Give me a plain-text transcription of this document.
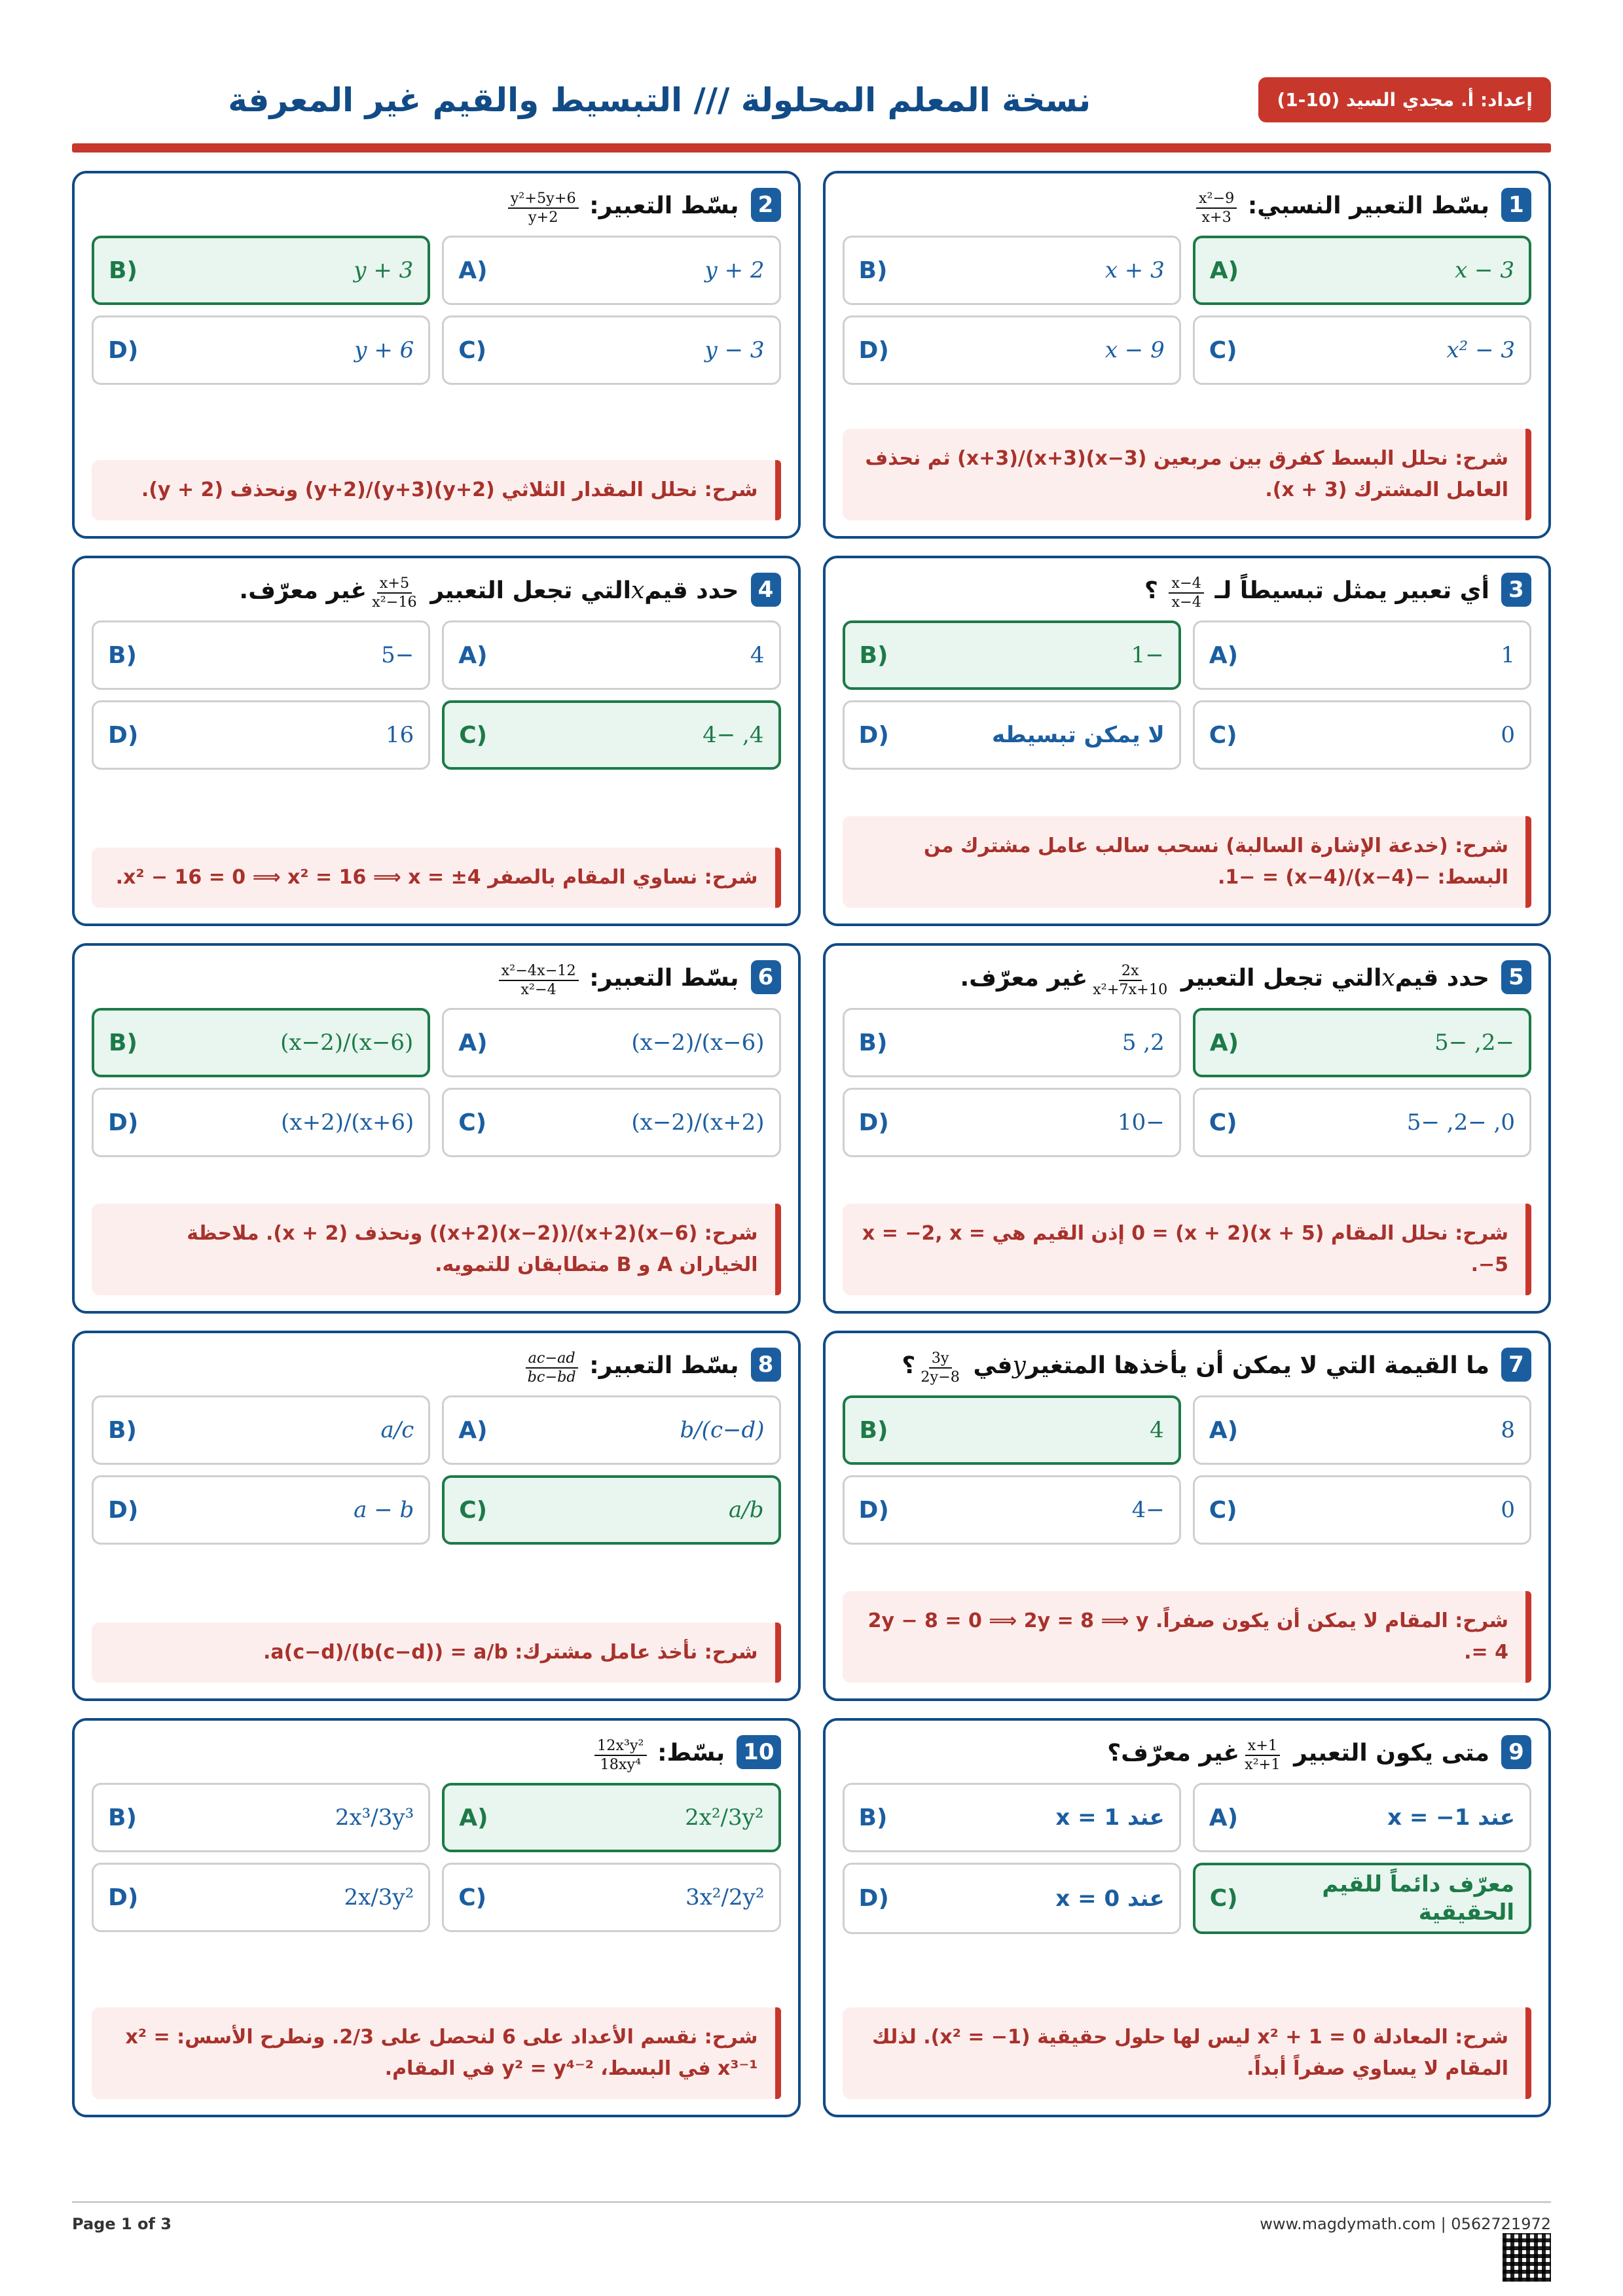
نسخة المعلم المحلولة /// التبسيط والقيم غير المعرفة	إعداد: أ. مجدي السيد (10-1)
1
بسّط التعبير النسبي:
$\frac{\text{x²−9}}{x+3}$
x − 3
(A
x + 3
(B
x² − 3
(C
x − 9
(D
شرح: نحلل البسط كفرق بين مربعين (x−3)(x+3)/(x+3) ثم نحذف العامل المشترك (x + 3).
2
بسّط التعبير:
$\frac{\text{y²+5y+6}}{y+2}$
y + 2
(A
y + 3
(B
y − 3
(C
y + 6
(D
شرح: نحلل المقدار الثلاثي (y+2)(y+3)/(y+2) ونحذف (y + 2).
3
أي تعبير يمثل تبسيطاً لـ
$\frac{4-x}{x-4}$
؟
1
(A
−1
(B
0
(C
لا يمكن تبسيطه
(D
شرح: (خدعة الإشارة السالبة) نسحب سالب عامل مشترك من البسط: −(x−4)/(x−4) = −1.
4
حدد قيمxالتي تجعل التعبير
$\frac{x+5}{\text{x²−16}}$
غير معرّف.
4
(A
−5
(B
4, −4
(C
16
(D
شرح: نساوي المقام بالصفر x² − 16 = 0 ⟹ x² = 16 ⟹ x = ±4.
5
حدد قيمxالتي تجعل التعبير
$\frac{2x}{\text{x²+7x+10}}$
غير معرّف.
−2, −5
(A
2, 5
(B
0, −2, −5
(C
−10
(D
شرح: نحلل المقام (x + 5)(x + 2) = 0 إذن القيم هي x = −2, x = −5.
6
بسّط التعبير:
$\frac{\text{x²−4x−12}}{\text{x²−4}}$
(x−6)/(x−2)
(A
(x−6)/(x−2)
(B
(x+2)/(x−2)
(C
(x+6)/(x+2)
(D
شرح: (x−6)(x+2)/((x−2)(x+2)) ونحذف (x + 2). ملاحظة الخياران A و B متطابقان للتمويه.
7
ما القيمة التي لا يمكن أن يأخذها المتغيرyفي
$\frac{3y}{2y-8}$
؟
8
(A
4
(B
0
(C
−4
(D
شرح: المقام لا يمكن أن يكون صفراً. 2y − 8 = 0 ⟹ 2y = 8 ⟹ y = 4.
8
بسّط التعبير:
$\frac{ac-ad}{bc-bd}$
(c−d)/b
(A
a/c
(B
a/b
(C
a − b
(D
شرح: نأخذ عامل مشترك: a(c−d)/(b(c−d)) = a/b.
9
متى يكون التعبير
$\frac{x+1}{\text{x²+1}}$
غير معرّف؟
عند x = −1
(A
عند x = 1
(B
معرّف دائماً للقيم الحقيقية
(C
عند x = 0
(D
شرح: المعادلة x² + 1 = 0 ليس لها حلول حقيقية (x² = −1). لذلك المقام لا يساوي صفراً أبداً.
10
بسّط:
$\frac{\text{12x³y²}}{\text{18xy⁴}}$
2x²/3y²
(A
2x³/3y³
(B
3x²/2y²
(C
2x/3y²
(D
شرح: نقسم الأعداد على 6 لنحصل على 2/3. ونطرح الأسس: x² = x³⁻¹ في البسط، y² = y⁴⁻² في المقام.
www.magdymath.com | 0562721972
Page 1 of 3
